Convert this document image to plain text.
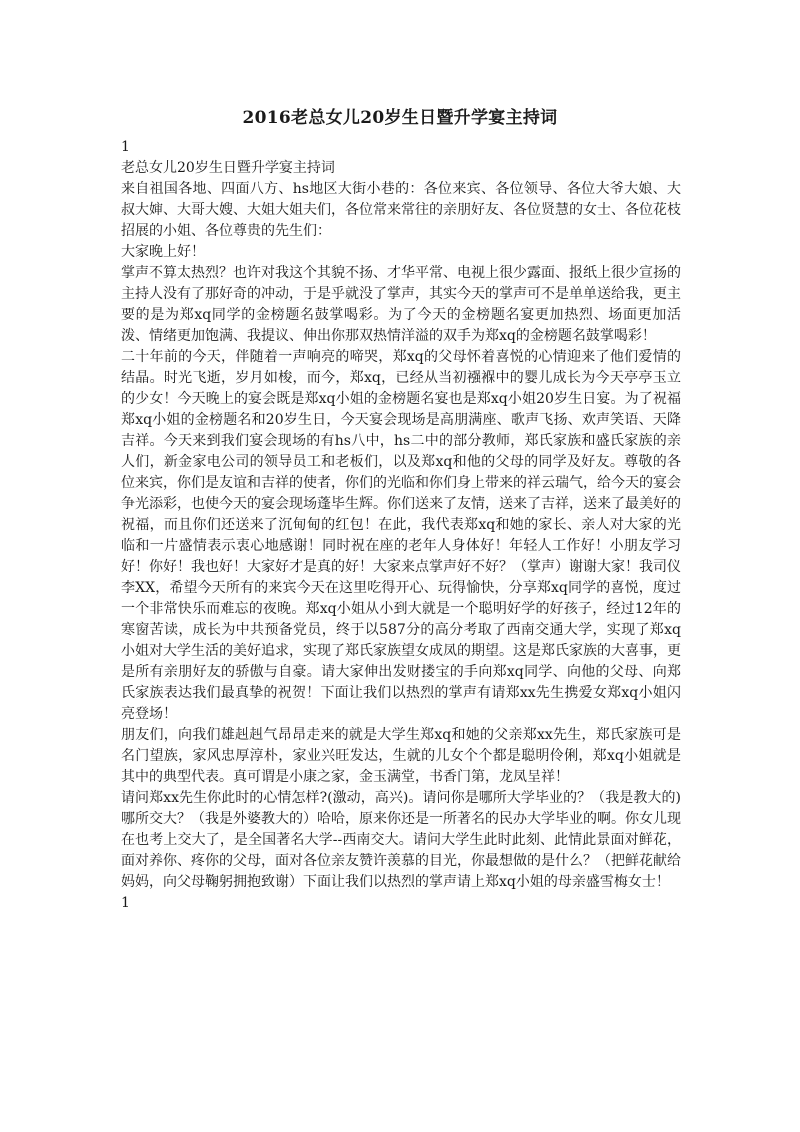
2016老总女儿20岁生日暨升学宴主持词

1

老总女儿20岁生日暨升学宴主持词

来自祖国各地、四面八方、hs地区大街小巷的：各位来宾、各位领导、各位大爷大娘、大叔大婶、大哥大嫂、大姐大姐夫们，各位常来常往的亲朋好友、各位贤慧的女士、各位花枝招展的小姐、各位尊贵的先生们：

大家晚上好！

掌声不算太热烈？也许对我这个其貌不扬、才华平常、电视上很少露面、报纸上很少宣扬的主持人没有了那好奇的冲动，于是乎就没了掌声，其实今天的掌声可不是单单送给我，更主要的是为郑xq同学的金榜题名鼓掌喝彩。为了今天的金榜题名宴更加热烈、场面更加活泼、情绪更加饱满、我提议、伸出你那双热情洋溢的双手为郑xq的金榜题名鼓掌喝彩！

二十年前的今天，伴随着一声响亮的啼哭，郑xq的父母怀着喜悦的心情迎来了他们爱情的结晶。时光飞逝，岁月如梭，而今，郑xq，已经从当初襁褓中的婴儿成长为今天亭亭玉立的少女！今天晚上的宴会既是郑xq小姐的金榜题名宴也是郑xq小姐20岁生日宴。为了祝福郑xq小姐的金榜题名和20岁生日，今天宴会现场是高朋满座、歌声飞扬、欢声笑语、天降吉祥。今天来到我们宴会现场的有hs八中，hs二中的部分教师，郑氏家族和盛氏家族的亲人们，新金家电公司的领导员工和老板们，以及郑xq和他的父母的同学及好友。尊敬的各位来宾，你们是友谊和吉祥的使者，你们的光临和你们身上带来的祥云瑞气，给今天的宴会争光添彩，也使今天的宴会现场蓬毕生辉。你们送来了友情，送来了吉祥，送来了最美好的祝福，而且你们还送来了沉甸甸的红包！在此，我代表郑xq和她的家长、亲人对大家的光临和一片盛情表示衷心地感谢！同时祝在座的老年人身体好！年轻人工作好！小朋友学习好！你好！我也好！大家好才是真的好！大家来点掌声好不好？（掌声）谢谢大家！我司仪李XX，希望今天所有的来宾今天在这里吃得开心、玩得愉快，分享郑xq同学的喜悦，度过一个非常快乐而难忘的夜晚。郑xq小姐从小到大就是一个聪明好学的好孩子，经过12年的寒窗苦读，成长为中共预备党员，终于以587分的高分考取了西南交通大学，实现了郑xq小姐对大学生活的美好追求，实现了郑氏家族望女成凤的期望。这是郑氏家族的大喜事，更是所有亲朋好友的骄傲与自豪。请大家伸出发财搂宝的手向郑xq同学、向他的父母、向郑氏家族表达我们最真挚的祝贺！下面让我们以热烈的掌声有请郑xx先生携爱女郑xq小姐闪亮登场！

朋友们，向我们雄赳赳气昂昂走来的就是大学生郑xq和她的父亲郑xx先生，郑氏家族可是名门望族，家风忠厚淳朴，家业兴旺发达，生就的儿女个个都是聪明伶俐，郑xq小姐就是其中的典型代表。真可谓是小康之家，金玉满堂，书香门第，龙凤呈祥！

请问郑xx先生你此时的心情怎样?(激动，高兴)。请问你是哪所大学毕业的？（我是教大的)哪所交大？（我是外婆教大的）哈哈，原来你还是一所著名的民办大学毕业的啊。你女儿现在也考上交大了，是全国著名大学--西南交大。请问大学生此时此刻、此情此景面对鲜花，面对养你、疼你的父母，面对各位亲友赞许羡慕的目光，你最想做的是什么？（把鲜花献给妈妈，向父母鞠躬拥抱致谢）下面让我们以热烈的掌声请上郑xq小姐的母亲盛雪梅女士！

1
